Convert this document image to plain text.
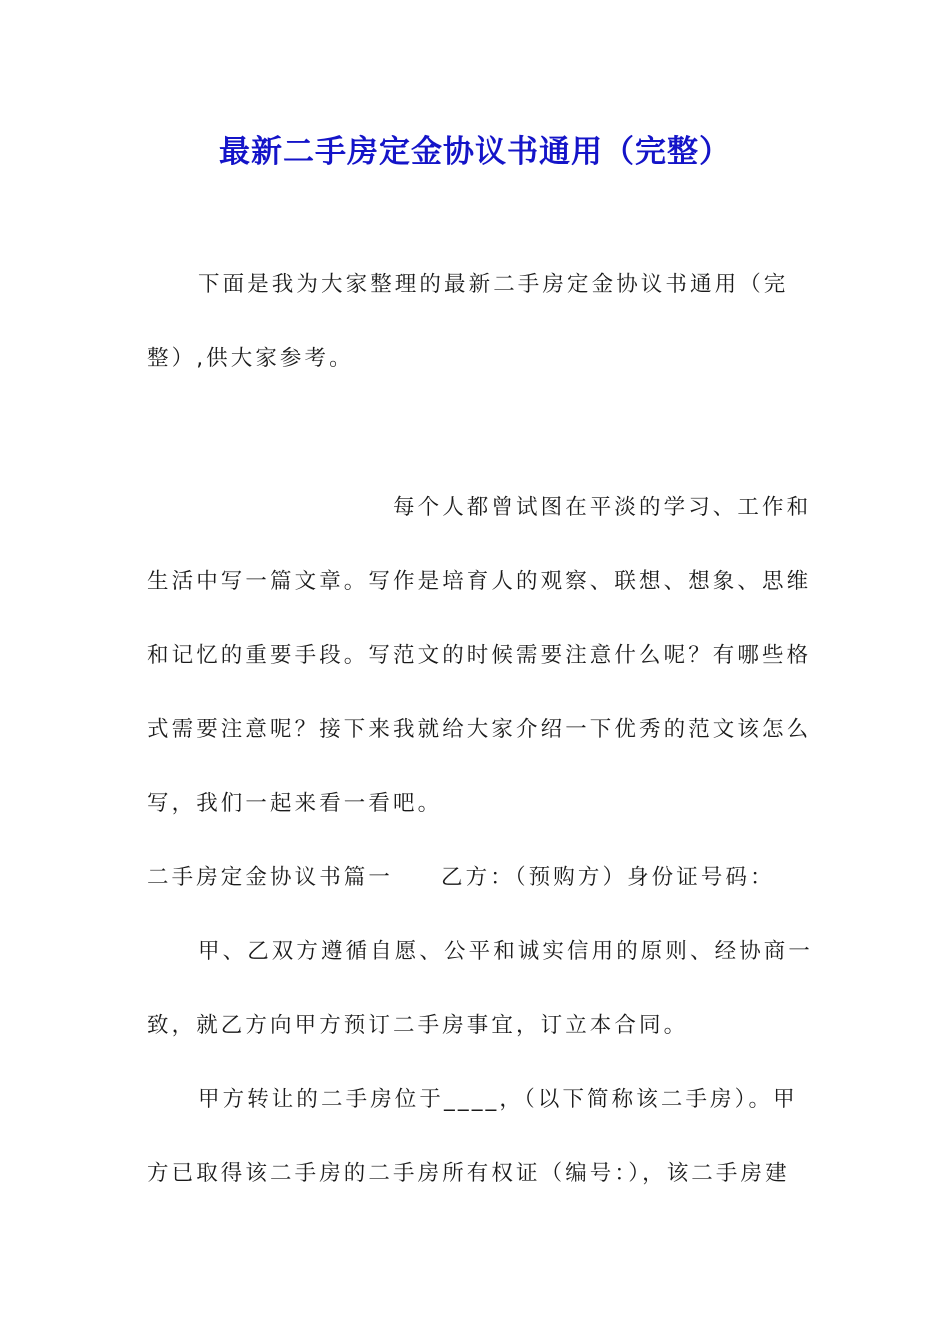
最新二手房定金协议书通用（完整）
下面是我为大家整理的最新二手房定金协议书通用（完
整）,供大家参考。
每个人都曾试图在平淡的学习、工作和
生活中写一篇文章。写作是培育人的观察、联想、想象、思维
和记忆的重要手段。写范文的时候需要注意什么呢？有哪些格
式需要注意呢？接下来我就给大家介绍一下优秀的范文该怎么
写，我们一起来看一看吧。
二手房定金协议书篇一 乙方：（预购方）身份证号码：
甲、乙双方遵循自愿、公平和诚实信用的原则、经协商一
致，就乙方向甲方预订二手房事宜，订立本合同。
甲方转让的二手房位于____，（以下简称该二手房）。甲
方已取得该二手房的二手房所有权证（编号：），该二手房建
